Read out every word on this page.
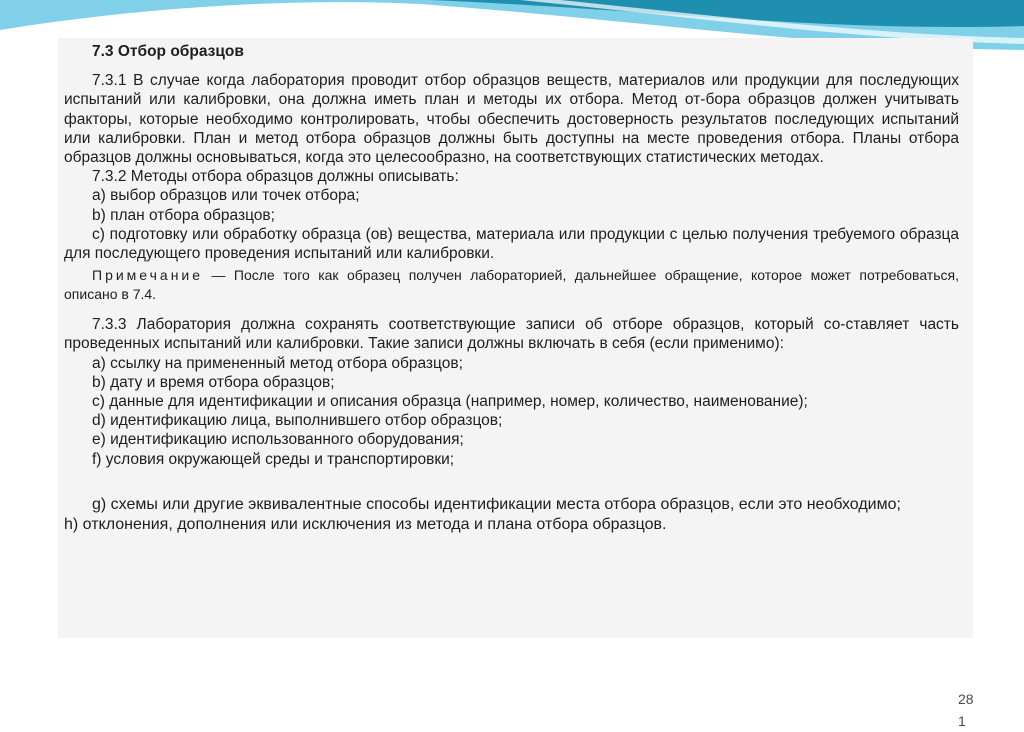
7.3 Отбор образцов

7.3.1 В случае когда лаборатория проводит отбор образцов веществ, материалов или продукции для последующих испытаний или калибровки, она должна иметь план и методы их отбора. Метод от-бора образцов должен учитывать факторы, которые необходимо контролировать, чтобы обеспечить достоверность результатов последующих испытаний или калибровки. План и метод отбора образцов должны быть доступны на месте проведения отбора. Планы отбора образцов должны основываться, когда это целесообразно, на соответствующих статистических методах.

7.3.2 Методы отбора образцов должны описывать:

а) выбор образцов или точек отбора;

b) план отбора образцов;

c) подготовку или обработку образца (ов) вещества, материала или продукции с целью получения требуемого образца для последующего проведения испытаний или калибровки.

Примечание — После того как образец получен лабораторией, дальнейшее обращение, которое может потребоваться, описано в 7.4.

7.3.3 Лаборатория должна сохранять соответствующие записи об отборе образцов, который со-ставляет часть проведенных испытаний или калибровки. Такие записи должны включать в себя (если применимо):

а) ссылку на примененный метод отбора образцов;

b) дату и время отбора образцов;

c) данные для идентификации и описания образца (например, номер, количество, наименование);

d) идентификацию лица, выполнившего отбор образцов;

e) идентификацию использованного оборудования;

f) условия окружающей среды и транспортировки;

g) схемы или другие эквивалентные способы идентификации места отбора образцов, если это необходимо;

h) отклонения, дополнения или исключения из метода и плана отбора образцов.

28
1
